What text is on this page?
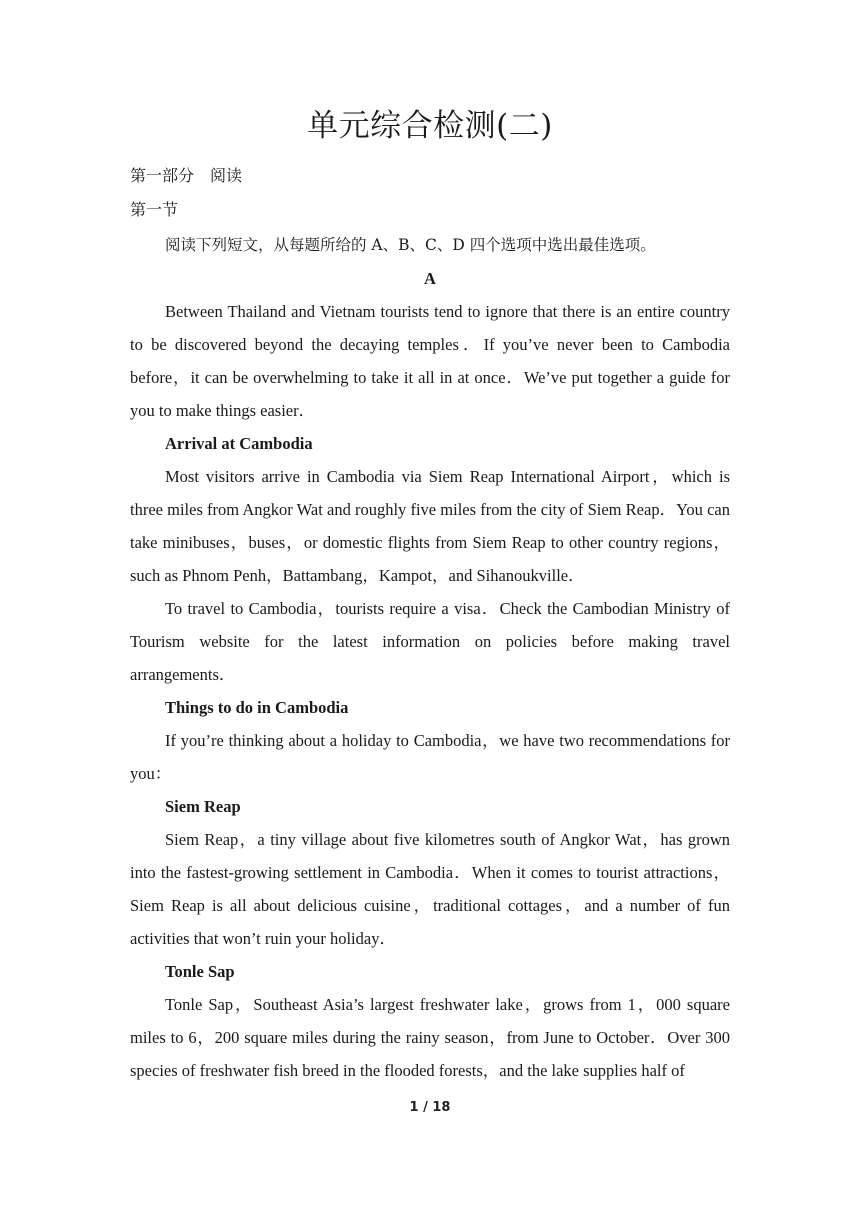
单元综合检测(二)
第一部分　阅读
第一节

阅读下列短文，从每题所给的 A、B、C、D 四个选项中选出最佳选项。

A

Between Thailand and Vietnam tourists tend to ignore that there is an entire country to be discovered beyond the decaying temples．If you’ve never been to Cambodia before，it can be overwhelming to take it all in at once．We’ve put together a guide for you to make things easier．

Arrival at Cambodia

Most visitors arrive in Cambodia via Siem Reap International Airport，which is three miles from Angkor Wat and roughly five miles from the city of Siem Reap．You can take minibuses，buses，or domestic flights from Siem Reap to other country regions，such as Phnom Penh，Battambang，Kampot，and Sihanoukville．

To travel to Cambodia，tourists require a visa．Check the Cambodian Ministry of Tourism website for the latest information on policies before making travel arrangements．

Things to do in Cambodia

If you’re thinking about a holiday to Cambodia，we have two recommendations for you：

Siem Reap

Siem Reap，a tiny village about five kilometres south of Angkor Wat，has grown into the fastest-growing settlement in Cambodia．When it comes to tourist attractions，Siem Reap is all about delicious cuisine，traditional cottages，and a number of fun activities that won’t ruin your holiday．

Tonle Sap

Tonle Sap，Southeast Asia’s largest freshwater lake，grows from 1，000 square miles to 6，200 square miles during the rainy season，from June to October．Over 300 species of freshwater fish breed in the flooded forests，and the lake supplies half of

1 / 18
